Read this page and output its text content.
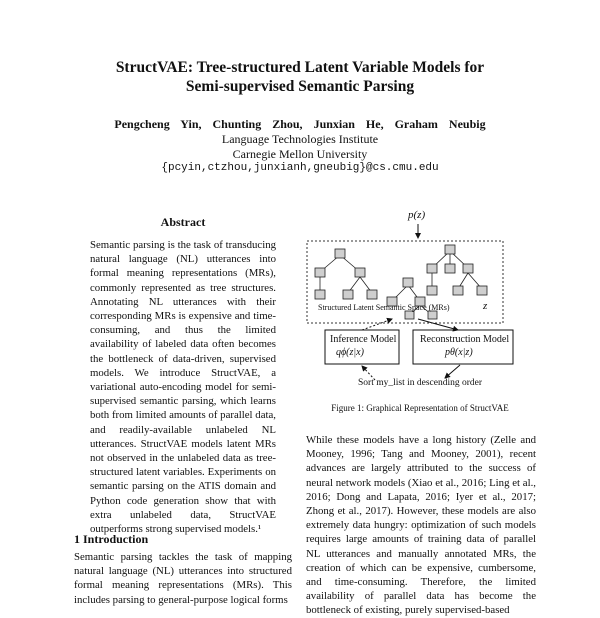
StructVAE: Tree-structured Latent Variable Models for
Semi-supervised Semantic Parsing
Pengcheng Yin, Chunting Zhou, Junxian He, Graham Neubig
Language Technologies Institute
Carnegie Mellon University
{pcyin,ctzhou,junxianh,gneubig}@cs.cmu.edu
Abstract
Semantic parsing is the task of transducing natural language (NL) utterances into formal meaning representations (MRs), commonly represented as tree structures. Annotating NL utterances with their corresponding MRs is expensive and time-consuming, and thus the limited availability of labeled data often becomes the bottleneck of data-driven, supervised models. We introduce StructVAE, a variational auto-encoding model for semi-supervised semantic parsing, which learns both from limited amounts of parallel data, and readily-available unlabeled NL utterances. StructVAE models latent MRs not observed in the unlabeled data as tree-structured latent variables. Experiments on semantic parsing on the ATIS domain and Python code generation show that with extra unlabeled data, StructVAE outperforms strong supervised models.¹
1 Introduction
Semantic parsing tackles the task of mapping natural language (NL) utterances into structured formal meaning representations (MRs). This includes parsing to general-purpose logical forms
p(z)
Structured Latent Semantic Space (MRs)	z
Inference Model
qϕ(z|x)
Reconstruction Model
pθ(x|z)
Sort my_list in descending order
Figure 1: Graphical Representation of StructVAE
While these models have a long history (Zelle and Mooney, 1996; Tang and Mooney, 2001), recent advances are largely attributed to the success of neural network models (Xiao et al., 2016; Ling et al., 2016; Dong and Lapata, 2016; Iyer et al., 2017; Zhong et al., 2017). However, these models are also extremely data hungry: optimization of such models requires large amounts of training data of parallel NL utterances and manually annotated MRs, the creation of which can be expensive, cumbersome, and time-consuming. Therefore, the limited availability of parallel data has become the bottleneck of existing, purely supervised-based
